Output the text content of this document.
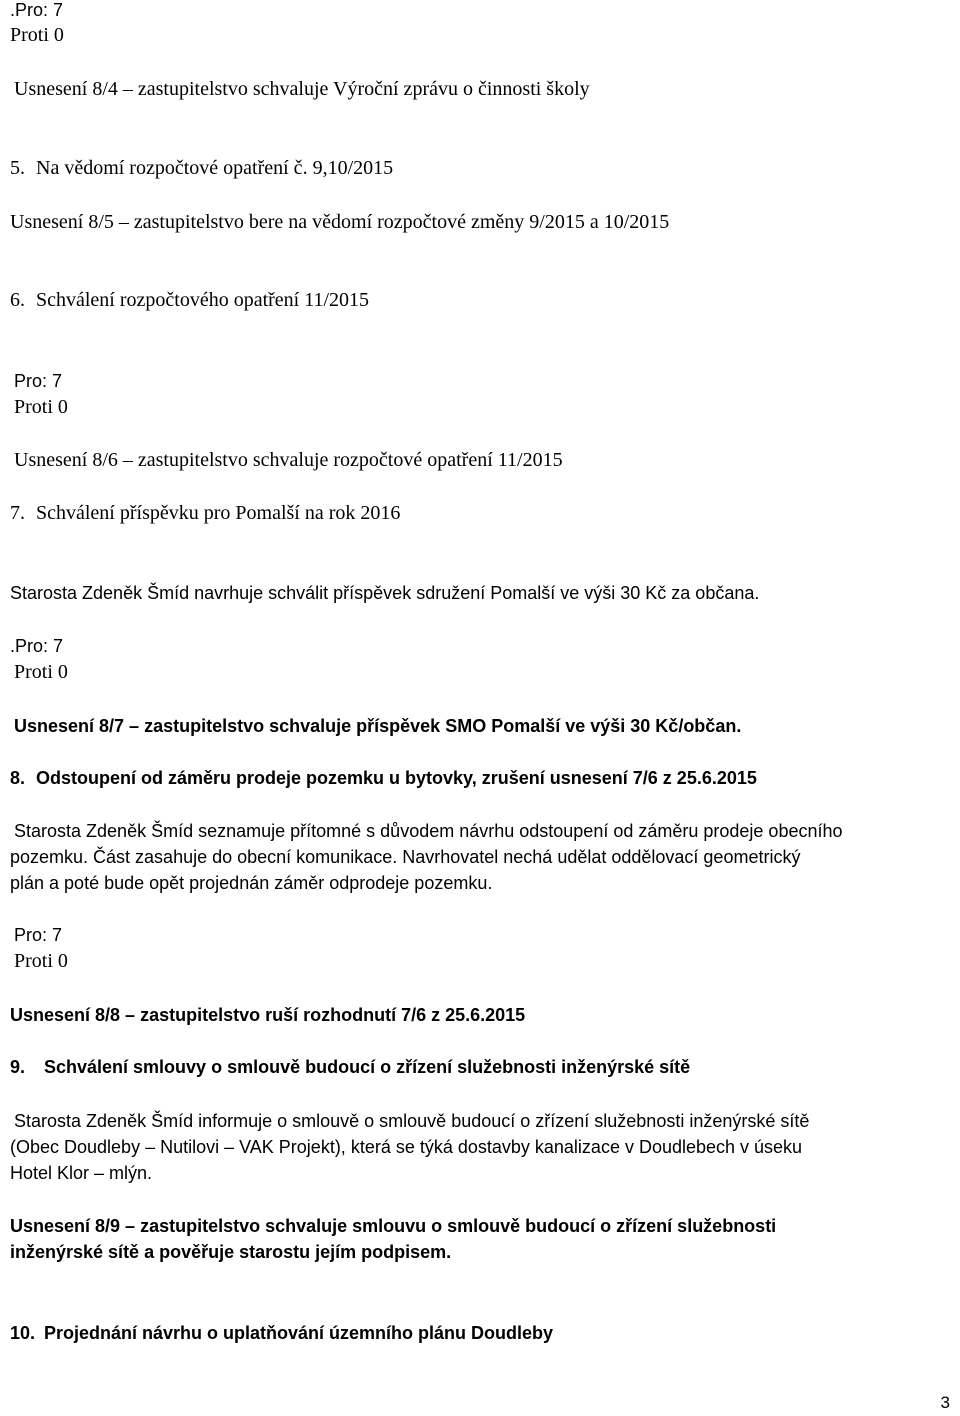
.Pro: 7

Proti 0

Usnesení 8/4 – zastupitelstvo schvaluje Výroční zprávu o činnosti školy

5. Na vědomí rozpočtové opatření č. 9,10/2015

Usnesení 8/5 – zastupitelstvo bere na vědomí rozpočtové změny 9/2015 a 10/2015

6. Schválení rozpočtového opatření 11/2015

Pro: 7

Proti 0

Usnesení 8/6 – zastupitelstvo schvaluje rozpočtové opatření 11/2015

7. Schválení příspěvku pro Pomalší na rok 2016

Starosta Zdeněk Šmíd navrhuje schválit příspěvek sdružení Pomalší ve výši 30 Kč za občana.

.Pro: 7

Proti 0

Usnesení 8/7 – zastupitelstvo schvaluje příspěvek SMO Pomalší ve výši 30 Kč/občan.

8. Odstoupení od záměru prodeje pozemku u bytovky, zrušení usnesení 7/6 z 25.6.2015

Starosta Zdeněk Šmíd seznamuje přítomné s důvodem návrhu odstoupení od záměru prodeje obecního

pozemku. Část zasahuje do obecní komunikace. Navrhovatel nechá udělat oddělovací geometrický

plán a poté bude opět projednán záměr odprodeje pozemku.

Pro: 7

Proti 0

Usnesení 8/8 – zastupitelstvo ruší rozhodnutí 7/6 z 25.6.2015

9. Schválení smlouvy o smlouvě budoucí o zřízení služebnosti inženýrské sítě

Starosta Zdeněk Šmíd informuje o smlouvě o smlouvě budoucí o zřízení služebnosti inženýrské sítě

(Obec Doudleby – Nutilovi – VAK Projekt), která se týká dostavby kanalizace v Doudlebech v úseku

Hotel Klor – mlýn.

Usnesení 8/9 – zastupitelstvo schvaluje smlouvu o smlouvě budoucí o zřízení služebnosti

inženýrské sítě a pověřuje starostu jejím podpisem.

10. Projednání návrhu o uplatňování územního plánu Doudleby

3
